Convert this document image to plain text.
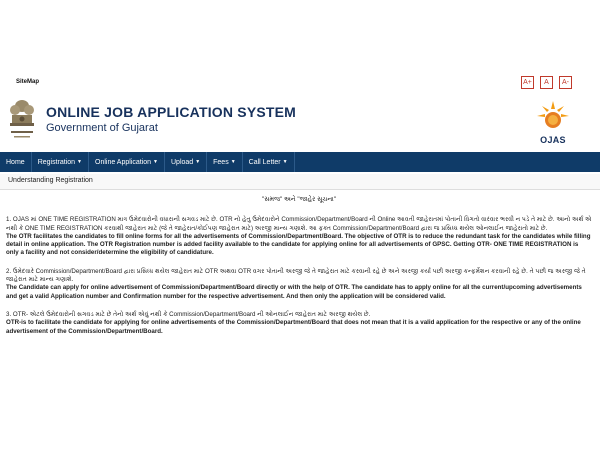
SiteMap	A+	A	A-
ONLINE JOB APPLICATION SYSTEM
Government of Gujarat
OJAS
Home Registration ▼ Online Application ▼ Upload ▼ Fees ▼ Call Letter ▼
Understanding Registration
"સમજ" અને "જાહેર સૂચના"
1. OJAS માં ONE TIME REGISTRATION માત્ર ઉમેદવારોની વધારાની સગવડ માટે છે. OTR નો હેતુ ઉમેદવારોને Commission/Department/Board ની Online આવતી જાહેરાતમાં પોતાની વિગતો વારંવાર ભરવી ન પડે તે માટે છે. આનો અર્થ એ નથી કે ONE TIME REGISTRATION કરવાથી જાહેરાત માટે (જે તે જાહેરાત/કોઈપણ જાહેરાત માટે) અરજી માન્ય ગણાશે. આ ફક્ત Commission/Department/Board દ્વારા જ પ્રસિધ્ધ થયેલ ઓનલાઈન જાહેરાતો માટે છે.
The OTR facilitates the candidates to fill online forms for all the advertisements of Commission/Department/Board. The objective of OTR is to reduce the redundant task for the candidates while filling detail in online application. The OTR Registration number is added facility available to the candidate for applying online for all advertisements of GPSC. Getting OTR- ONE TIME REGISTRATION is only a facility and not consider/determine the eligibility of candidature.
2. ઉમેદવારે Commission/Department/Board દ્વારા પ્રસિધ્ધ થયેલ જાહેરાત માટે OTR અથવા OTR વગર પોતાની અરજી જે તે જાહેરાત માટે કરવાની રહે છે અને અરજી કર્યા પછી અરજી કન્ફર્મેશન કરવાની રહે છે. તે પછી જ અરજી જે તે જાહેરાત માટે માન્ય ગણાશે.
The Candidate can apply for online advertisement of Commission/Department/Board directly or with the help of OTR. The candidate has to apply online for all the current/upcoming advertisements and get a valid Application number and Confirmation number for the respective advertisement. And then only the application will be considered valid.
3. OTR- એટલે ઉમેદવારોની સગવડ માટે છે તેનો અર્થ એવું નથી કે Commission/Department/Board ની ઓનલાઈન જાહેરાત માટે અરજી થયેલ છે.
OTR-is to facilitate the candidate for applying for online advertisements of the Commission/Department/Board that does not mean that it is a valid application for the respective or any of the online advertisement of the Commission/Department/Board.
